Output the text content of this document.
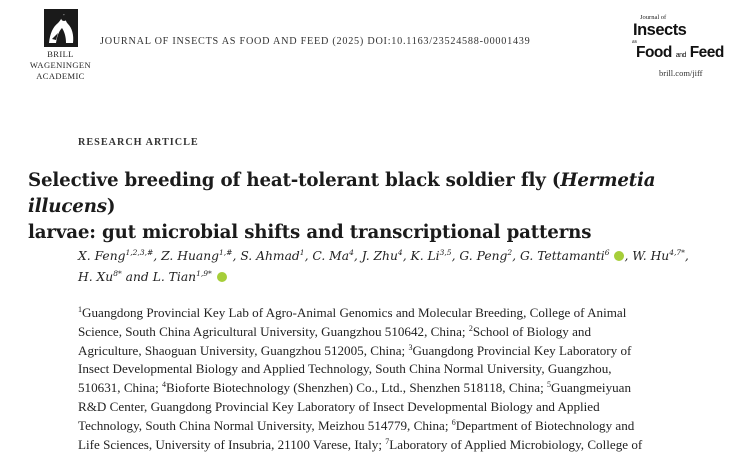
BRILL
WAGENINGEN
ACADEMIC
JOURNAL OF INSECTS AS FOOD AND FEED (2025) DOI:10.1163/23524588-00001439
Journal of
Insects
as
Food and Feed
brill.com/jiff
RESEARCH ARTICLE
Selective breeding of heat-tolerant black soldier fly (Hermetia illucens)
larvae: gut microbial shifts and transcriptional patterns
X. Feng$^{1,2,3,\#}$, Z. Huang$^{1,\#}$, S. Ahmad$^1$, C. Ma$^4$, J. Zhu$^4$, K. Li$^{3,5}$, G. Peng$^2$, G. Tettamanti$^6$ , W. $Hu^{4,7*}$,
H. $Xu^{8*}$ and L. Tian$^{1,9*}$
$^1$Guangdong Provincial Key Lab of Agro-Animal Genomics and Molecular Breeding, College of Animal
Science, South China Agricultural University, Guangzhou 510642, China; $^2$School of Biology and
Agriculture, Shaoguan University, Guangzhou 512005, China; $^3$Guangdong Provincial Key Laboratory of
Insect Developmental Biology and Applied Technology, South China Normal University, Guangzhou,
510631, China; $^4$Bioforte Biotechnology (Shenzhen) Co., Ltd., Shenzhen 518118, China; $^5$Guangmeiyuan
R&D Center, Guangdong Provincial Key Laboratory of Insect Developmental Biology and Applied
Technology, South China Normal University, Meizhou 514779, China; $^6$Department of Biotechnology and
Life Sciences, University of Insubria, 21100 Varese, Italy; $^7$Laboratory of Applied Microbiology, College of
